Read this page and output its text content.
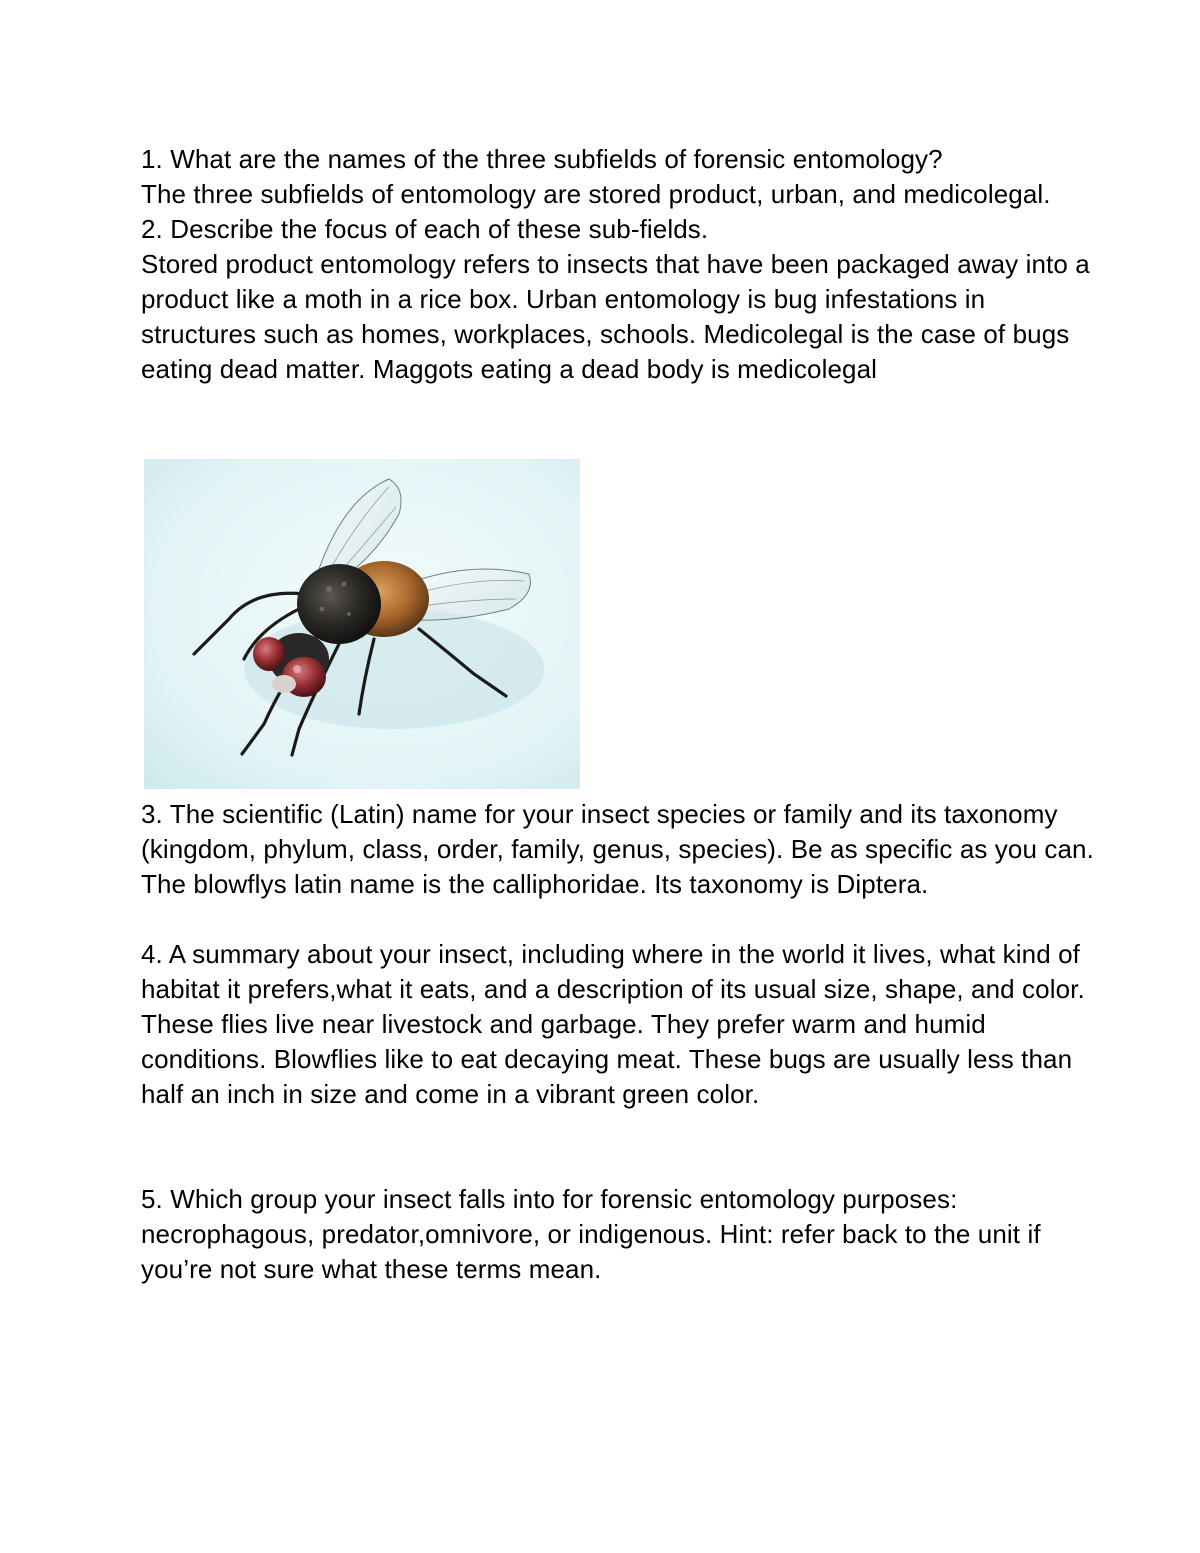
1. What are the names of the three subfields of forensic entomology?

The three subfields of entomology are stored product, urban, and medicolegal.

2. Describe the focus of each of these sub-fields.

Stored product entomology refers to insects that have been packaged away into a product like a moth in a rice box. Urban entomology is bug infestations in structures such as homes, workplaces, schools. Medicolegal is the case of bugs eating dead matter. Maggots eating a dead body is medicolegal

3. The scientific (Latin) name for your insect species or family and its taxonomy (kingdom, phylum, class, order, family, genus, species). Be as specific as you can.

The blowflys latin name is the calliphoridae. Its taxonomy is Diptera.

4. A summary about your insect, including where in the world it lives, what kind of habitat it prefers,what it eats, and a description of its usual size, shape, and color.

These flies live near livestock and garbage. They prefer warm and humid conditions. Blowflies like to eat decaying meat. These bugs are usually less than half an inch in size and come in a vibrant green color.

5. Which group your insect falls into for forensic entomology purposes: necrophagous, predator,omnivore, or indigenous. Hint: refer back to the unit if you’re not sure what these terms mean.
